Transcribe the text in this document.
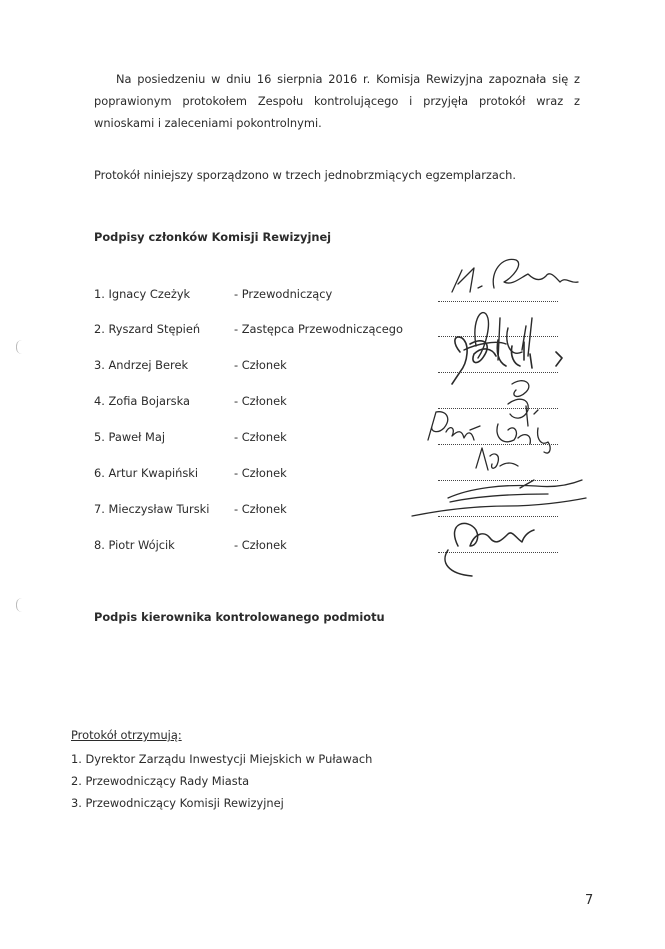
Na posiedzeniu w dniu 16 sierpnia 2016 r. Komisja Rewizyjna zapoznała się z poprawionym protokołem Zespołu kontrolującego i przyjęła protokół wraz z wnioskami i zaleceniami pokontrolnymi.
Protokół niniejszy sporządzono w trzech jednobrzmiących egzemplarzach.
Podpisy członków Komisji Rewizyjnej
1. Ignacy Czeżyk	- Przewodniczący
2. Ryszard Stępień	- Zastępca Przewodniczącego
3. Andrzej Berek	- Członek
4. Zofia Bojarska	- Członek
5. Paweł Maj	- Członek
6. Artur Kwapiński	- Członek
7. Mieczysław Turski - Członek
8. Piotr Wójcik	- Członek
Podpis kierownika kontrolowanego podmiotu
Protokół otrzymują:
1. Dyrektor Zarządu Inwestycji Miejskich w Puławach
2. Przewodniczący Rady Miasta
3. Przewodniczący Komisji Rewizyjnej
7
